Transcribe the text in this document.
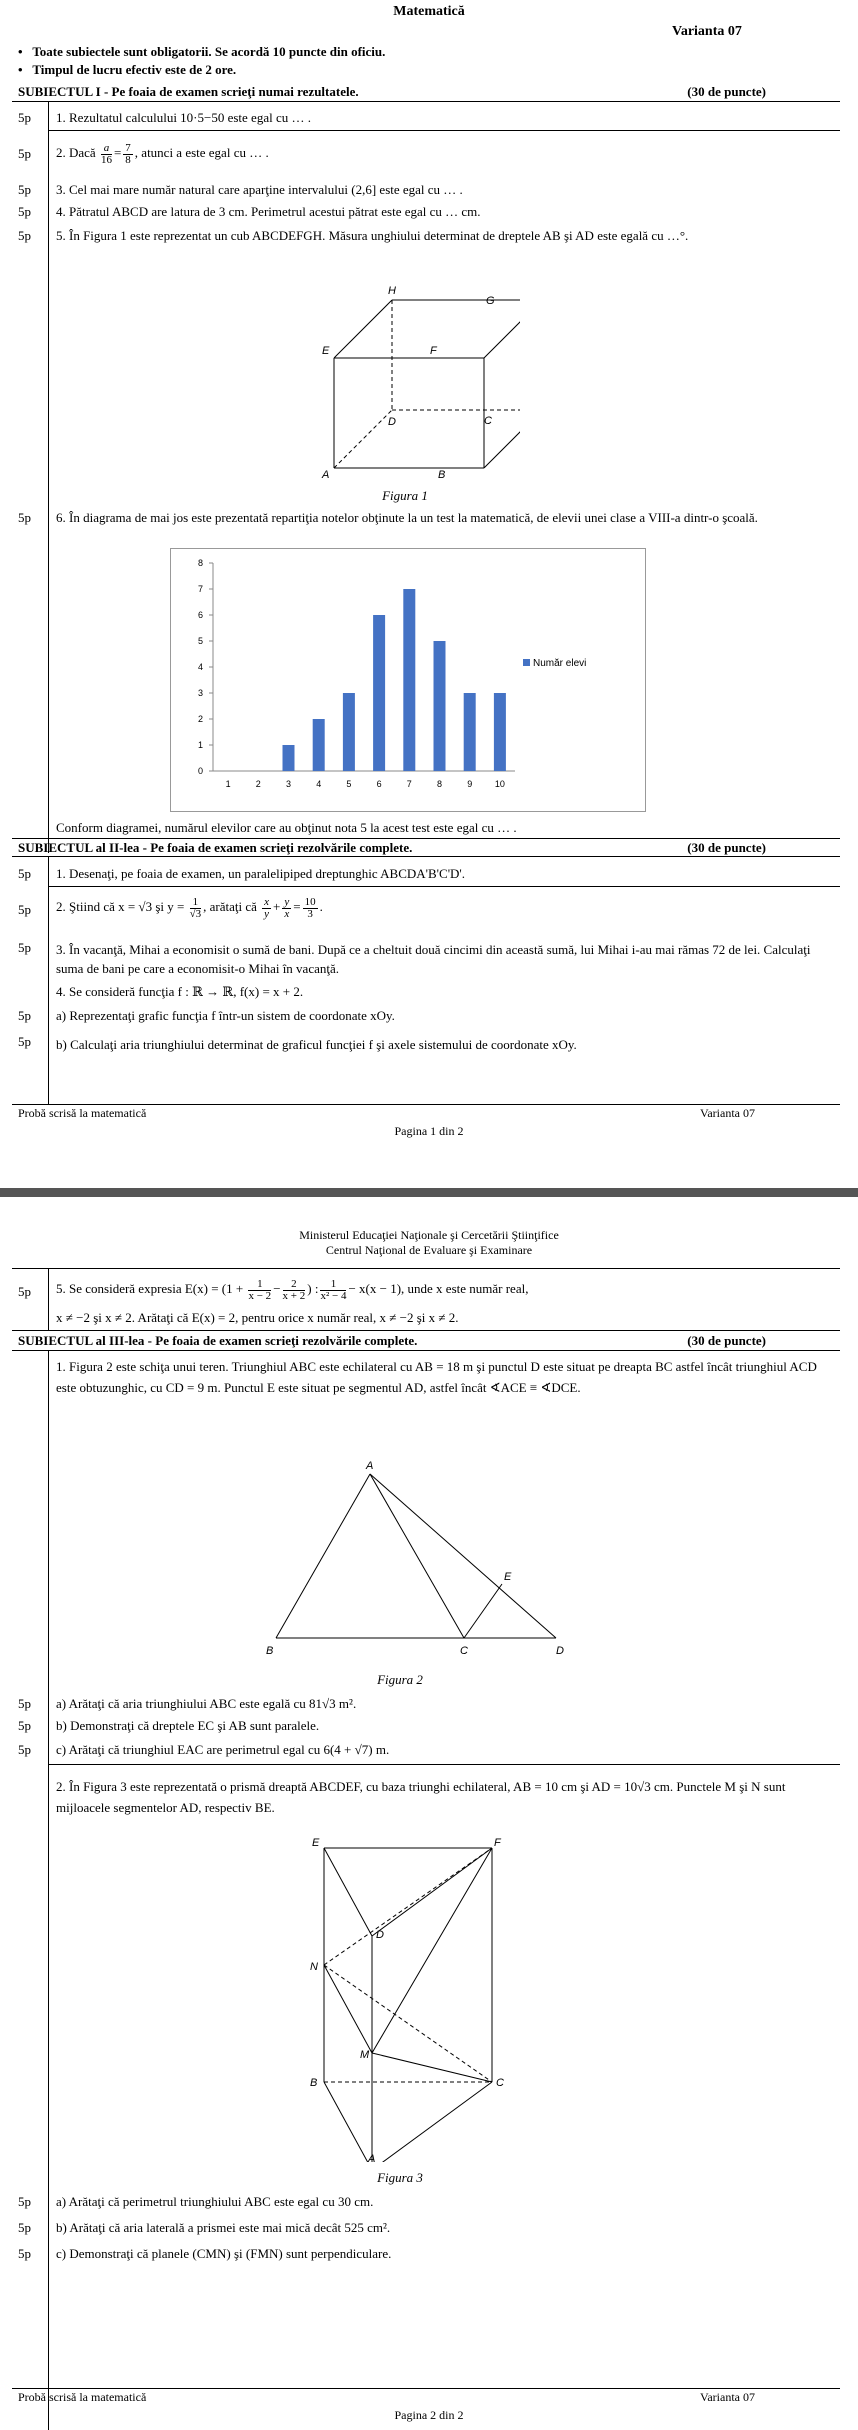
Matematică
Varianta 07
•   Toate subiectele sunt obligatorii. Se acordă 10 puncte din oficiu.
•   Timpul de lucru efectiv este de 2 ore.
SUBIECTUL I - Pe foaia de examen scrieţi numai rezultatele.	(30 de puncte)
5p	1. Rezultatul calculului 10·5−50 este egal cu … .
5p	2. Dacă $\frac{a}{16} = \frac{7}{8}$ , atunci a este egal cu … .
5p	3. Cel mai mare număr natural care aparţine intervalului (2,6] este egal cu … .
5p	4. Pătratul ABCD are latura de 3 cm. Perimetrul acestui pătrat este egal cu … cm.
5p	5. În Figura 1 este reprezentat un cub ABCDEFGH. Măsura unghiului determinat de dreptele AB şi AD este egală cu …°.
H
G
E	F
D	C
A	B
Figura 1
5p	6. În diagrama de mai jos este prezentată repartiţia notelor obţinute la un test la matematică, de elevii unei clase a VIII-a dintr-o şcoală.
0
1
2
3
4
5
6
7
8
1	2	3	4	5	6	7	8	9	10
Număr elevi
Conform diagramei, numărul elevilor care au obţinut nota 5 la acest test este egal cu … .
SUBIECTUL al II-lea - Pe foaia de examen scrieţi rezolvările complete.	(30 de puncte)
5p	1. Desenaţi, pe foaia de examen, un paralelipiped dreptunghic ABCDA'B'C'D'.
5p	2. Ştiind că x = √3 şi $y = \frac{1}{√3}$ , arătaţi că $\frac{x}{y} + \frac{y}{x} = \frac{10}{3}$ .
5p	3. În vacanţă, Mihai a economisit o sumă de bani. După ce a cheltuit două cincimi din această sumă, lui Mihai i-au mai rămas 72 de lei. Calculaţi suma de bani pe care a economisit-o Mihai în vacanţă.
4. Se consideră funcţia f : ℝ → ℝ, f(x) = x + 2.
5p	a) Reprezentaţi grafic funcţia f într-un sistem de coordonate xOy.
5p	b) Calculaţi aria triunghiului determinat de graficul funcţiei f şi axele sistemului de coordonate xOy.
Probă scrisă la matematică	Varianta 07
Pagina 1 din 2
Ministerul Educaţiei Naţionale şi Cercetării Ştiinţifice
Centrul Naţional de Evaluare şi Examinare
5p	5. Se consideră expresia $E(x) = (1 + \frac{1}{x - 2} - \frac{2}{x + 2}$ ) : $\frac{1}{\text{x² − 4}} - x(x - 1)$, unde x este număr real,
x ≠ −2 şi x ≠ 2. Arătaţi că E(x) = 2, pentru orice x număr real, x ≠ −2 şi x ≠ 2.
SUBIECTUL al III-lea - Pe foaia de examen scrieţi rezolvările complete.	(30 de puncte)
1. Figura 2 este schiţa unui teren. Triunghiul ABC este echilateral cu AB = 18 m şi punctul D este situat pe dreapta BC astfel încât triunghiul ACD este obtuzunghic, cu CD = 9 m. Punctul E este situat pe segmentul AD, astfel încât ∢ACE ≡ ∢DCE.
A
B	C	D
E
Figura 2
5p	a) Arătaţi că aria triunghiului ABC este egală cu 81√3 m².
5p	b) Demonstraţi că dreptele EC şi AB sunt paralele.
5p	c) Arătaţi că triunghiul EAC are perimetrul egal cu 6(4 + √7) m.
2. În Figura 3 este reprezentată o prismă dreaptă ABCDEF, cu baza triunghi echilateral, AB = 10 cm şi AD = 10√3 cm. Punctele M şi N sunt mijloacele segmentelor AD, respectiv BE.
E	F
D
N
M
B	C
A
Figura 3
5p	a) Arătaţi că perimetrul triunghiului ABC este egal cu 30 cm.
5p	b) Arătaţi că aria laterală a prismei este mai mică decât 525 cm².
5p	c) Demonstraţi că planele (CMN) şi (FMN) sunt perpendiculare.
Probă scrisă la matematică	Varianta 07
Pagina 2 din 2
